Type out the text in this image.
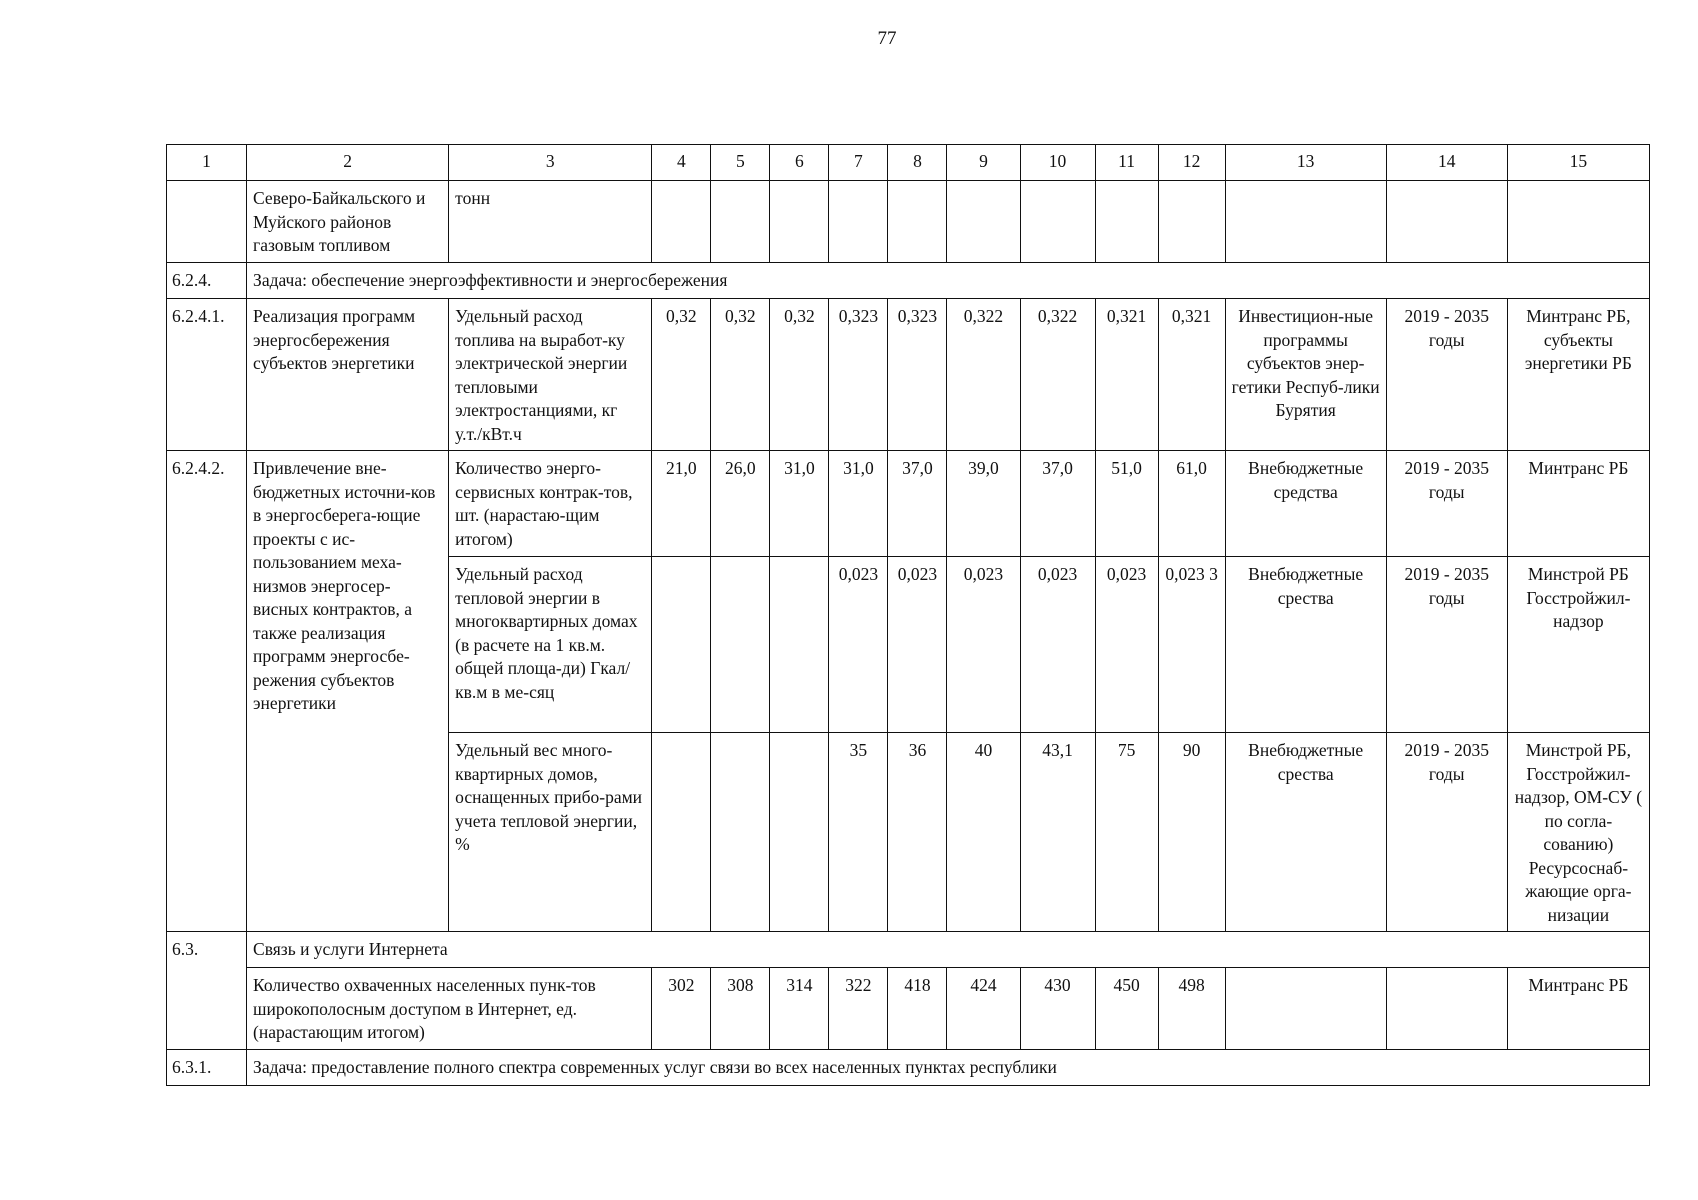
77
1	2	3	4	5	6	7	8	9	10	11	12	13	14	15
	Северо-Байкальского и Муйского районов газовым топливом	тонн												
6.2.4.	Задача: обеспечение энергоэффективности и энергосбережения													
6.2.4.1.	Реализация программ энергосбережения субъектов энергетики	Удельный расход топлива на выработ-ку электрической энергии тепловыми электростанциями, кг у.т./кВт.ч	0,32	0,32	0,32	0,323	0,323	0,322	0,322	0,321	0,321	Инвестицион-ные программы субъектов энер-гетики Респуб-лики Бурятия	2019 - 2035 годы	Минтранс РБ, субъекты энергетики РБ
6.2.4.2.	Привлечение вне-бюджетных источни-ков в энергосберега-ющие проекты с ис-пользованием меха-низмов энергосер-висных контрактов, а также реализация программ энергосбе-режения субъектов энергетики	Количество энерго-сервисных контрак-тов, шт. (нарастаю-щим итогом)	21,0	26,0	31,0	31,0	37,0	39,0	37,0	51,0	61,0	Внебюджетные средства	2019 - 2035 годы	Минтранс РБ
		Удельный расход тепловой энергии в многоквартирных домах (в расчете на 1 кв.м. общей площа-ди) Гкал/ кв.м в ме-сяц				0,023	0,023	0,023	0,023	0,023	0,023 3	Внебюджетные срества	2019 - 2035 годы	Минстрой РБ Госстройжил-надзор
		Удельный вес много-квартирных домов, оснащенных прибо-рами учета тепловой энергии, %				35	36	40	43,1	75	90	Внебюджетные срества	2019 - 2035 годы	Минстрой РБ, Госстройжил-надзор, ОМ-СУ ( по согла-сованию) Ресурсоснаб-жающие орга-низации
6.3.	Связь и услуги Интернета													
	Количество охваченных населенных пунк-тов широкополосным доступом в Интернет, ед. (нарастающим итогом)		302	308	314	322	418	424	430	450	498			Минтранс РБ
6.3.1.	Задача: предоставление полного спектра современных услуг связи во всех населенных пунктах республики													
